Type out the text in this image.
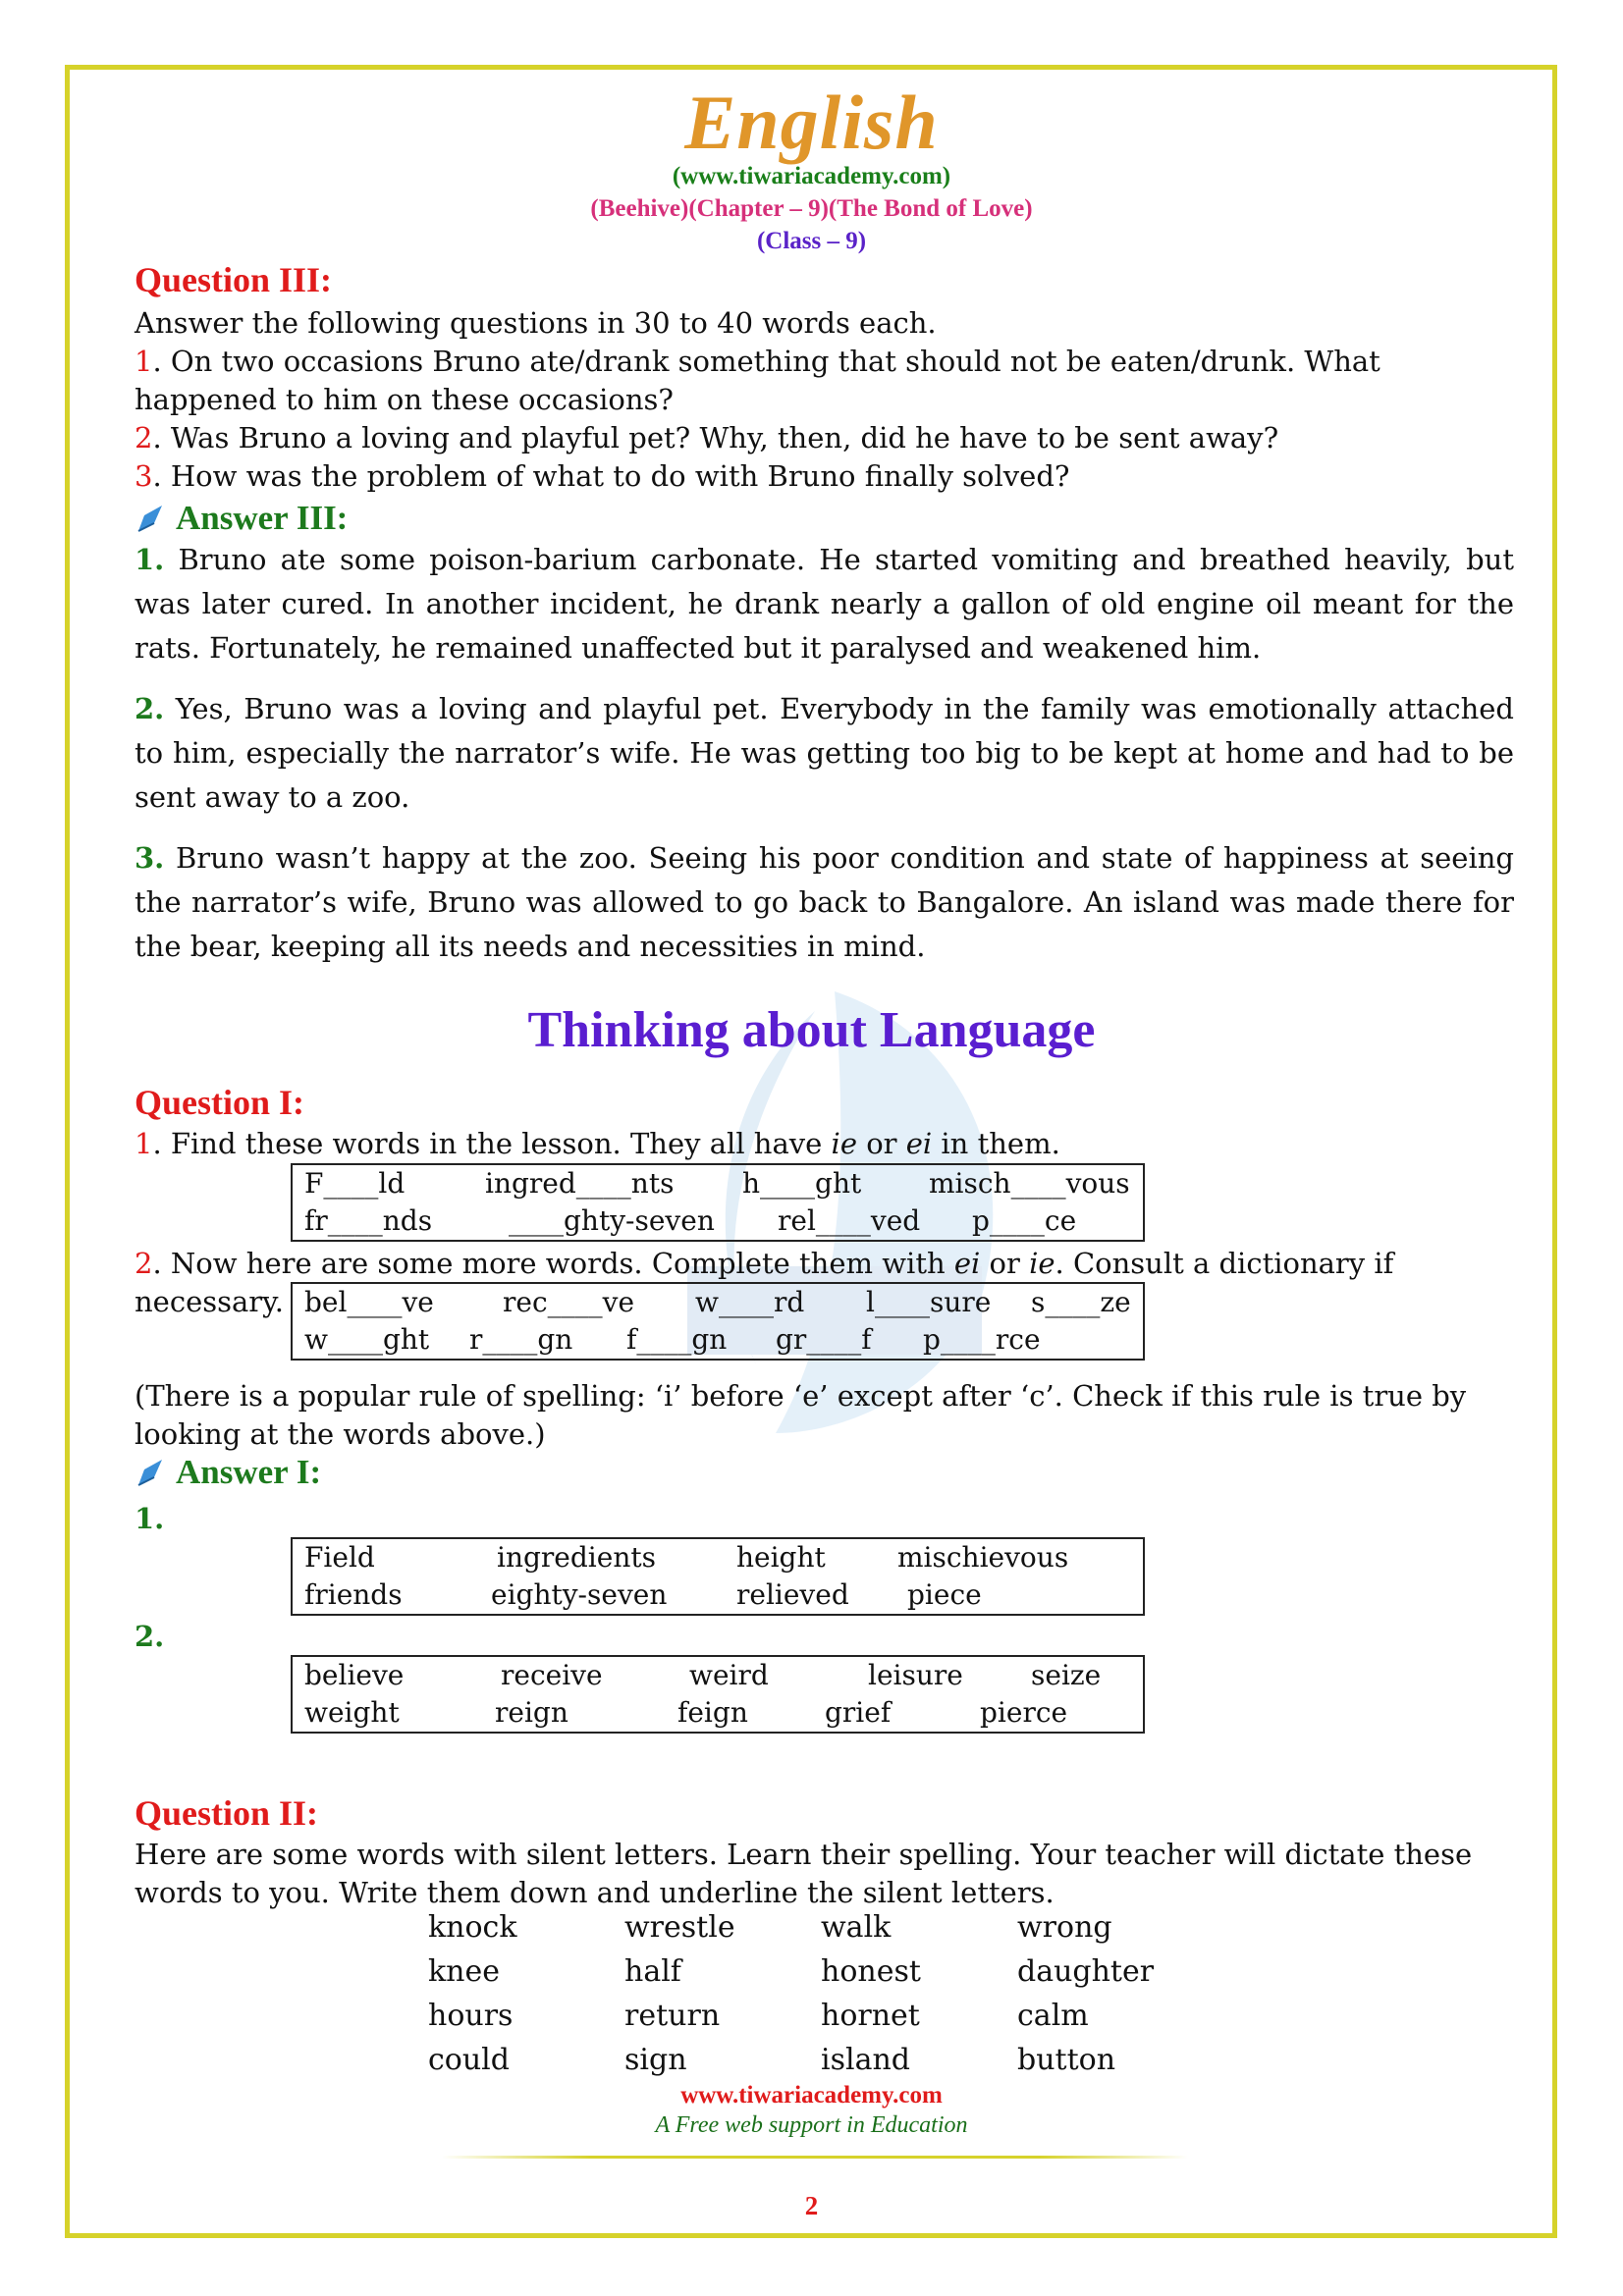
English
(www.tiwariacademy.com)
(Beehive)(Chapter – 9)(The Bond of Love)
(Class – 9)
Question III:
Answer the following questions in 30 to 40 words each.
1. On two occasions Bruno ate/drank something that should not be eaten/drunk. What happened to him on these occasions?
2. Was Bruno a loving and playful pet? Why, then, did he have to be sent away?
3. How was the problem of what to do with Bruno finally solved?
Answer III:
1. Bruno ate some poison-barium carbonate. He started vomiting and breathed heavily, but was later cured. In another incident, he drank nearly a gallon of old engine oil meant for the rats. Fortunately, he remained unaffected but it paralysed and weakened him.
2. Yes, Bruno was a loving and playful pet. Everybody in the family was emotionally attached to him, especially the narrator’s wife. He was getting too big to be kept at home and had to be sent away to a zoo.
3. Bruno wasn’t happy at the zoo. Seeing his poor condition and state of happiness at seeing the narrator’s wife, Bruno was allowed to go back to Bangalore. An island was made there for the bear, keeping all its needs and necessities in mind.
Thinking about Language
Question I:
1. Find these words in the lesson. They all have ie or ei in them.
F____ld	ingred____nts h____ght misch____vous
fr____nds	____ghty-seven rel____ved p____ce
2. Now here are some more words. Complete them with ei or ie. Consult a dictionary if necessary. bel____ve	rec____ve w____rd l____sure s____ze
w____ght r____gn f____gn gr____f p____rce
(There is a popular rule of spelling: ‘i’ before ‘e’ except after ‘c’. Check if this rule is true by looking at the words above.)
Answer I:
1.
Field	ingredients	height	mischievous
friends	eighty-seven	relieved piece
2.
believe	receive	weird	leisure seize
weight	reign	feign	grief	pierce
Question II:
Here are some words with silent letters. Learn their spelling. Your teacher will dictate these words to you. Write them down and underline the silent letters.
knock	wrestle	walk	wrong
knee	half	honest	daughter
hours	return	hornet	calm
could	sign	island	button
www.tiwariacademy.com
A Free web support in Education
2
